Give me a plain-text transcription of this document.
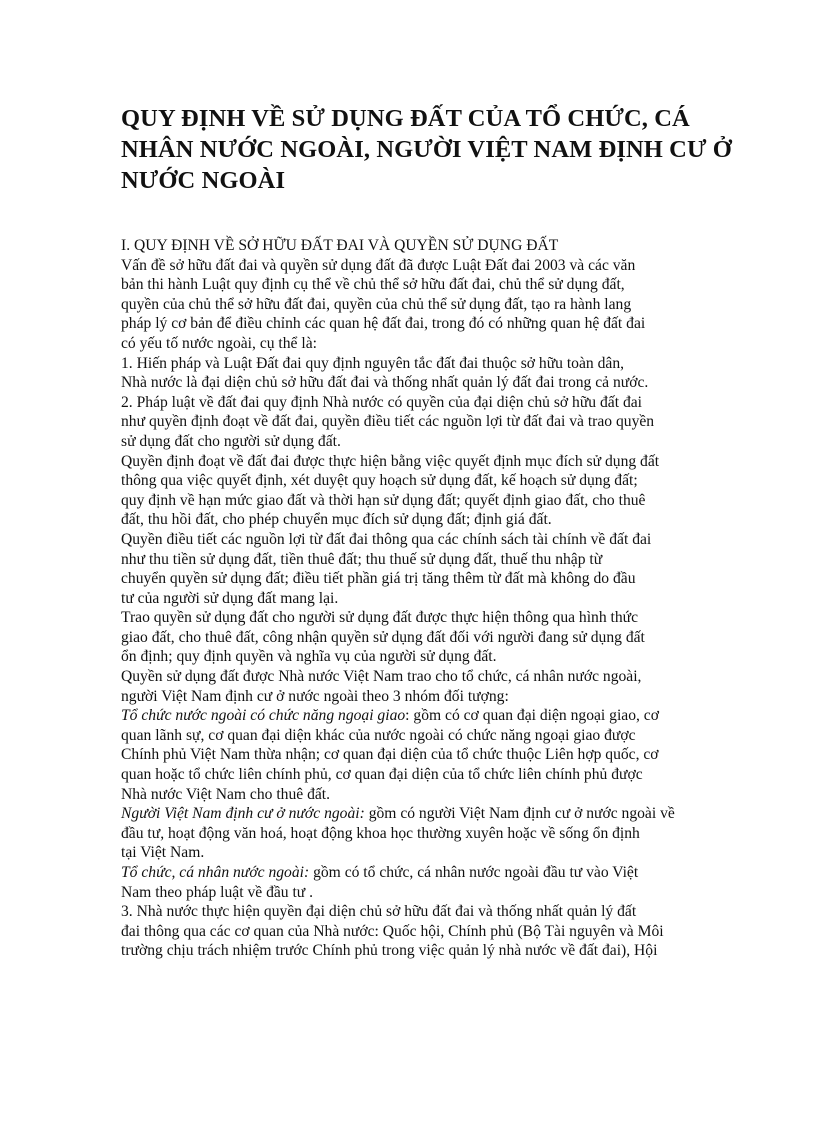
QUY ĐỊNH VỀ SỬ DỤNG ĐẤT CỦA TỔ CHỨC, CÁ
NHÂN NƯỚC NGOÀI, NGƯỜI VIỆT NAM ĐỊNH CƯ Ở
NƯỚC NGOÀI
I. QUY ĐỊNH VỀ SỞ HỮU ĐẤT ĐAI VÀ QUYỀN SỬ DỤNG ĐẤT
Vấn đề sở hữu đất đai và quyền sử dụng đất đã được Luật Đất đai 2003 và các văn
bản thi hành Luật quy định cụ thể về chủ thể sở hữu đất đai, chủ thể sử dụng đất,
quyền của chủ thể sở hữu đất đai, quyền của chủ thể sử dụng đất, tạo ra hành lang
pháp lý cơ bản để điều chỉnh các quan hệ đất đai, trong đó có những quan hệ đất đai
có yếu tố nước ngoài, cụ thể là:
1. Hiến pháp và Luật Đất đai quy định nguyên tắc đất đai thuộc sở hữu toàn dân,
Nhà nước là đại diện chủ sở hữu đất đai và thống nhất quản lý đất đai trong cả nước.
2. Pháp luật về đất đai quy định Nhà nước có quyền của đại diện chủ sở hữu đất đai
như quyền định đoạt về đất đai, quyền điều tiết các nguồn lợi từ đất đai và trao quyền
sử dụng đất cho người sử dụng đất.
Quyền định đoạt về đất đai được thực hiện bằng việc quyết định mục đích sử dụng đất
thông qua việc quyết định, xét duyệt quy hoạch sử dụng đất, kế hoạch sử dụng đất;
quy định về hạn mức giao đất và thời hạn sử dụng đất; quyết định giao đất, cho thuê
đất, thu hồi đất, cho phép chuyển mục đích sử dụng đất; định giá đất.
Quyền điều tiết các nguồn lợi từ đất đai thông qua các chính sách tài chính về đất đai
như thu tiền sử dụng đất, tiền thuê đất; thu thuế sử dụng đất, thuế thu nhập từ
chuyển quyền sử dụng đất; điều tiết phần giá trị tăng thêm từ đất mà không do đầu
tư của người sử dụng đất mang lại.
Trao quyền sử dụng đất cho người sử dụng đất được thực hiện thông qua hình thức
giao đất, cho thuê đất, công nhận quyền sử dụng đất đối với người đang sử dụng đất
ổn định; quy định quyền và nghĩa vụ của người sử dụng đất.
Quyền sử dụng đất được Nhà nước Việt Nam trao cho tổ chức, cá nhân nước ngoài,
người Việt Nam định cư ở nước ngoài theo 3 nhóm đối tượng:
Tổ chức nước ngoài có chức năng ngoại giao: gồm có cơ quan đại diện ngoại giao, cơ
quan lãnh sự, cơ quan đại diện khác của nước ngoài có chức năng ngoại giao được
Chính phủ Việt Nam thừa nhận; cơ quan đại diện của tổ chức thuộc Liên hợp quốc, cơ
quan hoặc tổ chức liên chính phủ, cơ quan đại diện của tổ chức liên chính phủ được
Nhà nước Việt Nam cho thuê đất.
Người Việt Nam định cư ở nước ngoài: gồm có người Việt Nam định cư ở nước ngoài về
đầu tư, hoạt động văn hoá, hoạt động khoa học thường xuyên hoặc về sống ổn định
tại Việt Nam.
Tổ chức, cá nhân nước ngoài: gồm có tổ chức, cá nhân nước ngoài đầu tư vào Việt
Nam theo pháp luật về đầu tư .
3. Nhà nước thực hiện quyền đại diện chủ sở hữu đất đai và thống nhất quản lý đất
đai thông qua các cơ quan của Nhà nước: Quốc hội, Chính phủ (Bộ Tài nguyên và Môi
trường chịu trách nhiệm trước Chính phủ trong việc quản lý nhà nước về đất đai), Hội
